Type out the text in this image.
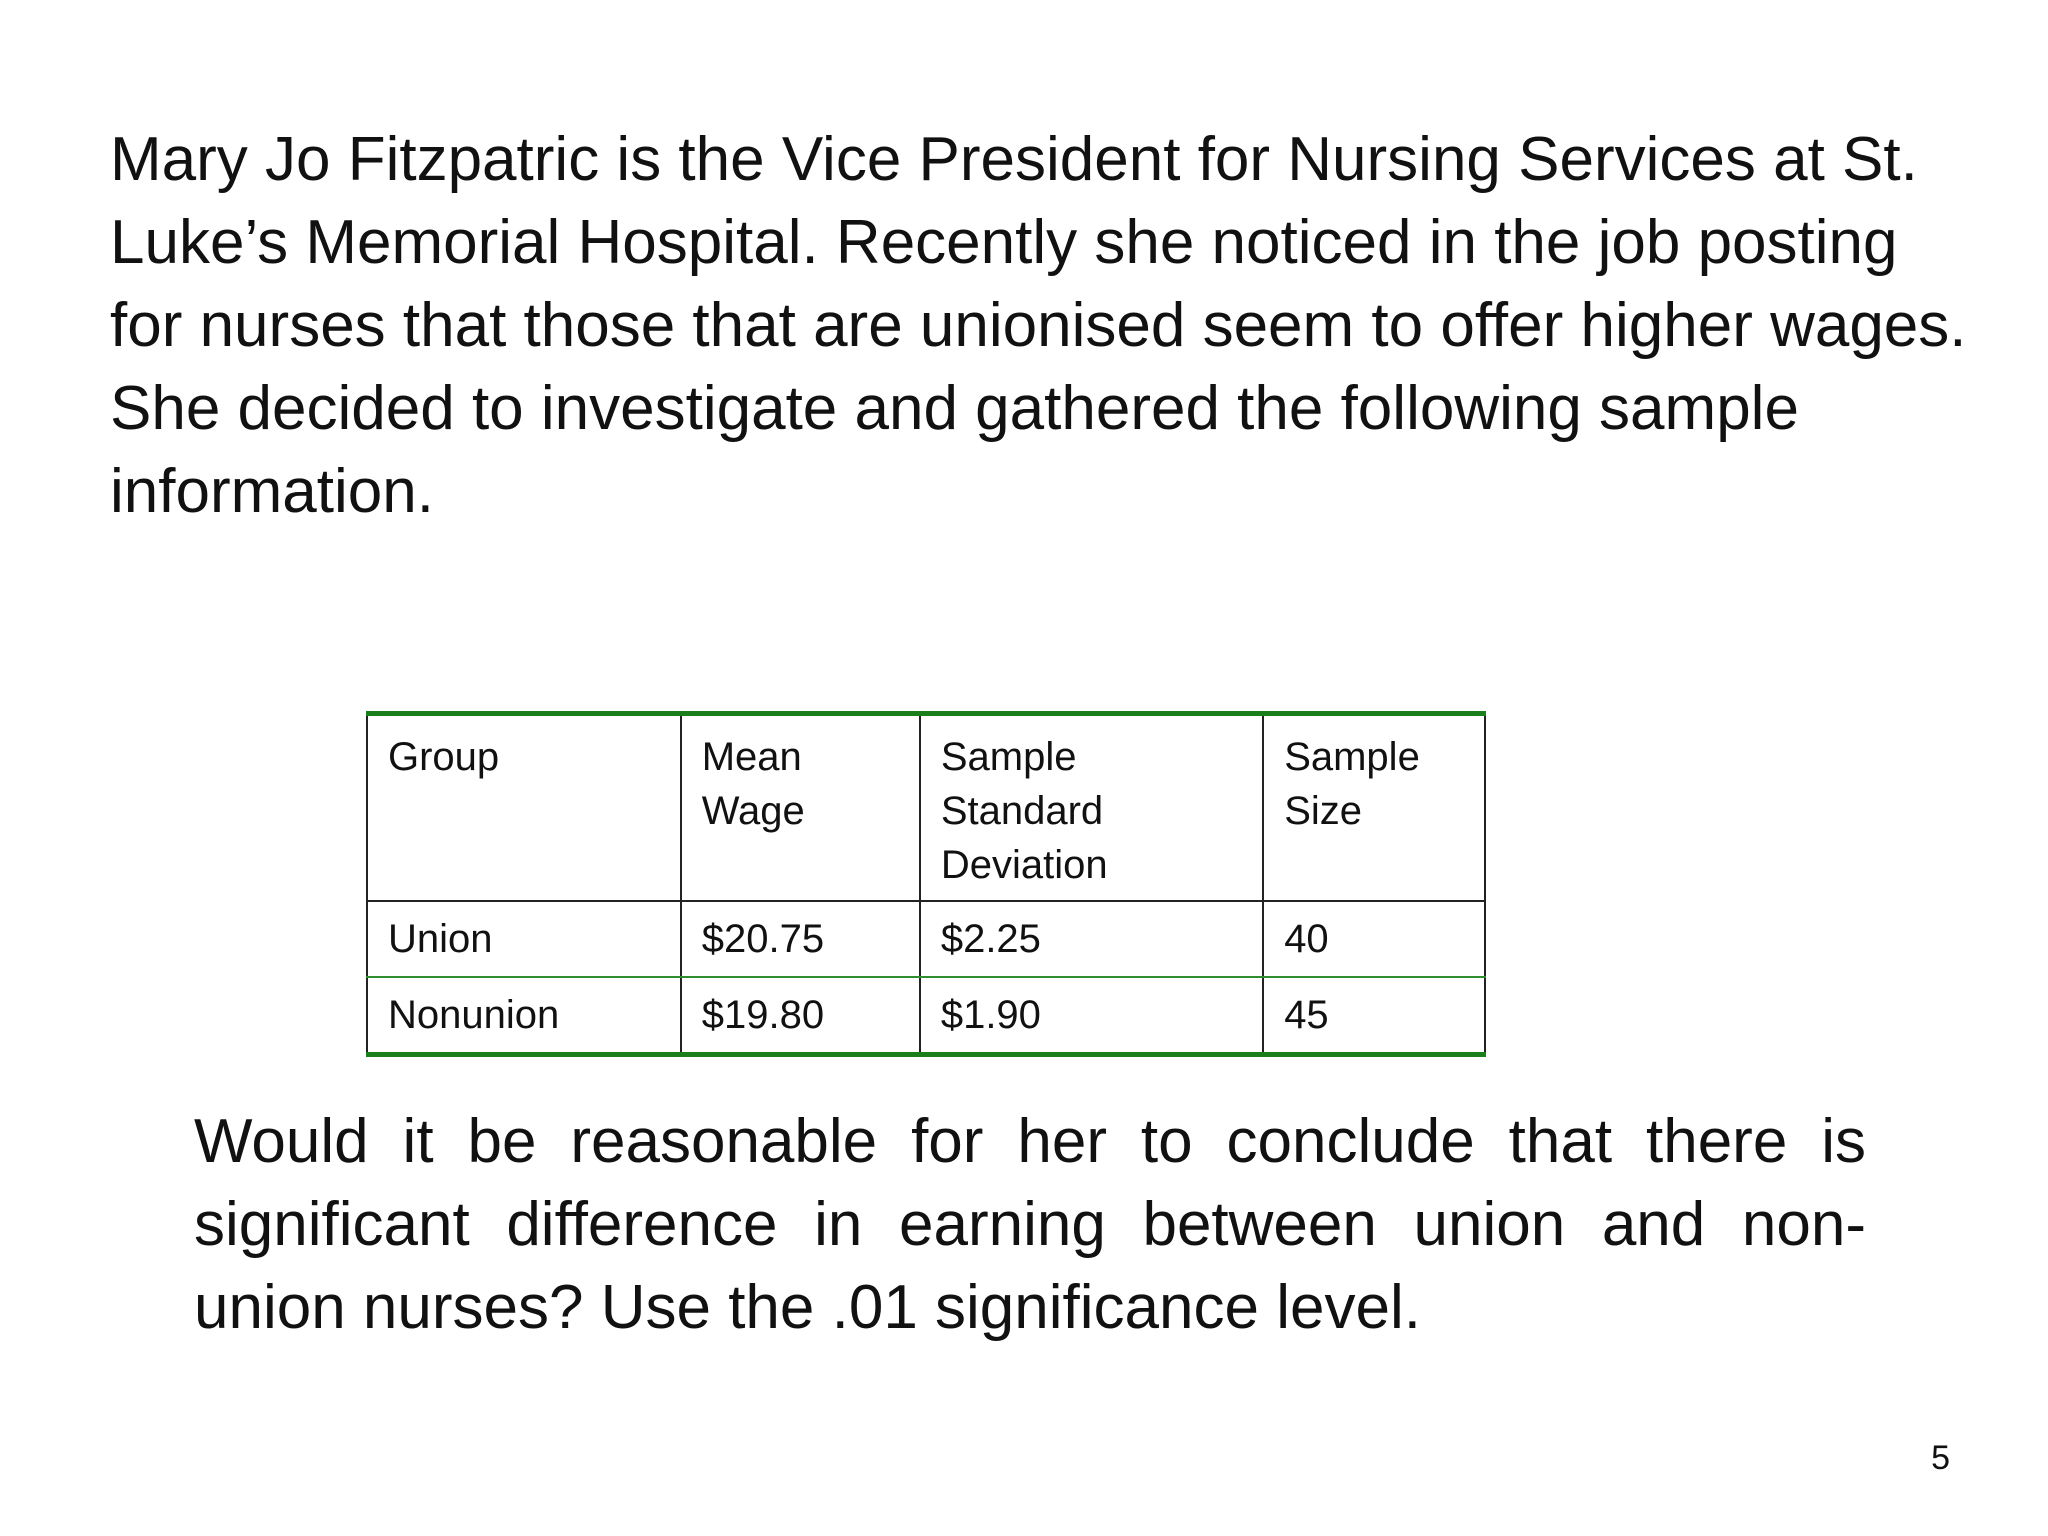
Mary Jo Fitzpatric is the Vice President for Nursing Services at St. Luke’s Memorial Hospital. Recently she noticed in the job posting for nurses that those that are unionised seem to offer higher wages. She decided to investigate and gathered the following sample information.

Group	Mean Wage	Sample Standard Deviation	Sample Size
Union	$20.75	$2.25	40
Nonunion	$19.80	$1.90	45

Would it be reasonable for her to conclude that there is significant difference in earning between union and non-union nurses? Use the .01 significance level.

5
